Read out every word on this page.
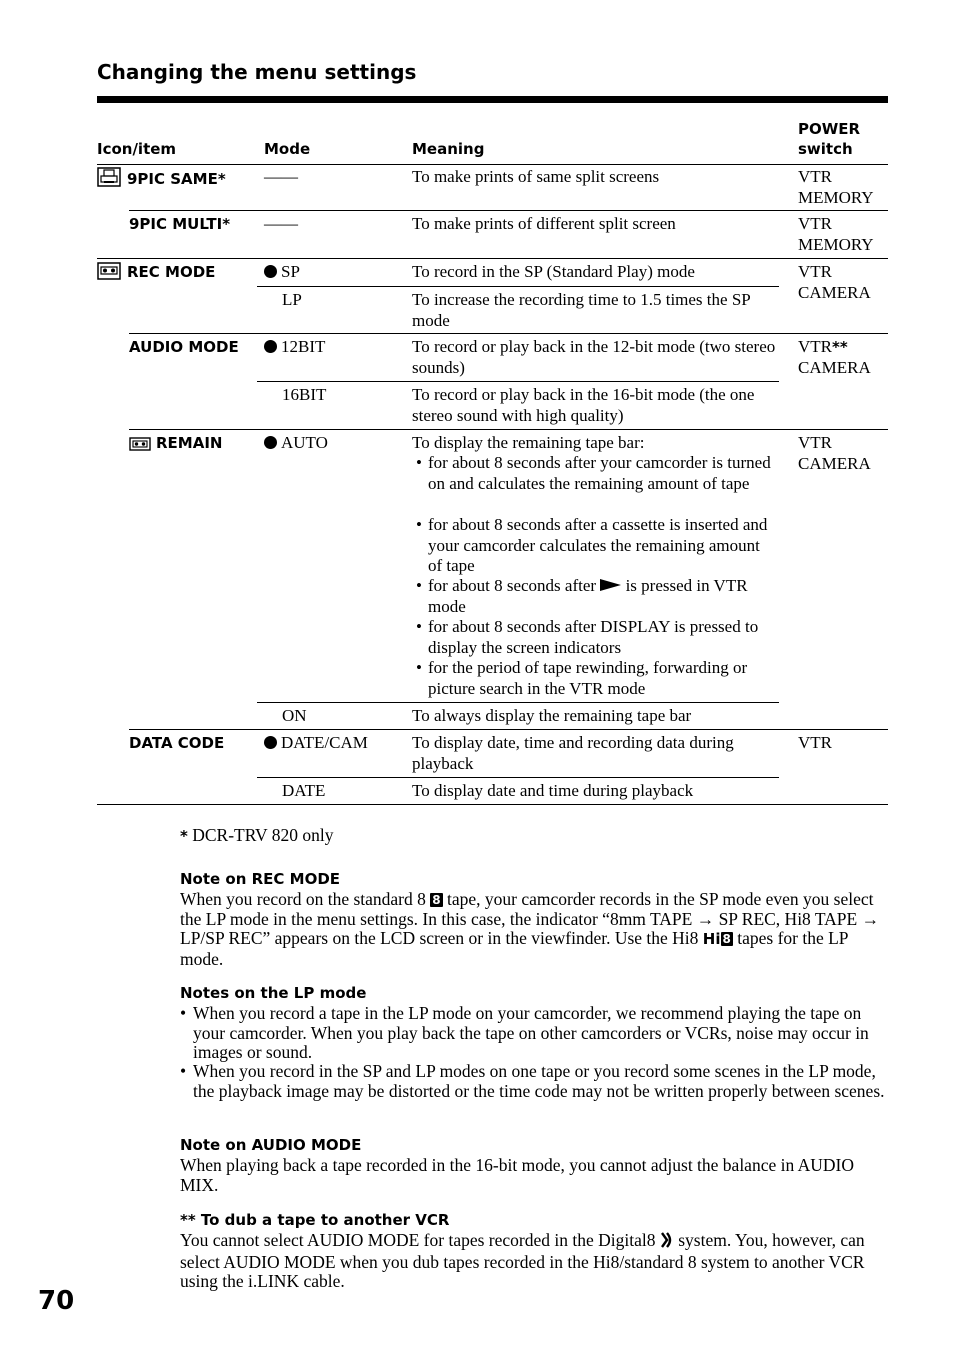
Changing the menu settings
Icon/item	Mode	Meaning
POWER
switch
9PIC SAME* ——	To make prints of same split screens	VTR
MEMORY
9PIC MULTI* ——	To make prints of different split screen	VTR
MEMORY
REC MODE	SP	To record in the SP (Standard Play) mode	VTR
CAMERA
LP	To increase the recording time to 1.5 times the SP mode
AUDIO MODE	12BIT	To record or play back in the 12-bit mode (two stereo sounds)
VTR**
CAMERA
16BIT	To record or play back in the 16-bit mode (the one stereo sound with high quality)
REMAIN	AUTO	To display the remaining tape bar:
• for about 8 seconds after your camcorder is turned on and calculates the remaining amount of tape
• for about 8 seconds after a cassette is inserted and your camcorder calculates the remaining amount of tape
• for about 8 seconds after is pressed in VTR mode
• for about 8 seconds after DISPLAY is pressed to display the screen indicators
• for the period of tape rewinding, forwarding or picture search in the VTR mode
VTR
CAMERA
ON	To always display the remaining tape bar
DATA CODE	DATE/CAM	To display date, time and recording data during playback
VTR
DATE	To display date and time during playback
* DCR-TRV 820 only
Note on REC MODE
When you record on the standard 8 8 tape, your camcorder records in the SP mode even you select the LP mode in the menu settings. In this case, the indicator “8mm TAPE → SP REC, Hi8 TAPE → LP/SP REC” appears on the LCD screen or in the viewfinder. Use the Hi8 Hi 8 tapes for the LP mode.
Notes on the LP mode
• When you record a tape in the LP mode on your camcorder, we recommend playing the tape on your camcorder. When you play back the tape on other camcorders or VCRs, noise may occur in images or sound.
• When you record in the SP and LP modes on one tape or you record some scenes in the LP mode, the playback image may be distorted or the time code may not be written properly between scenes.
Note on AUDIO MODE
When playing back a tape recorded in the 16-bit mode, you cannot adjust the balance in AUDIO MIX.
** To dub a tape to another VCR
You cannot select AUDIO MODE for tapes recorded in the Digital8 system. You, however, can select AUDIO MODE when you dub tapes recorded in the Hi8/standard 8 system to another VCR using the i.LINK cable.
70
